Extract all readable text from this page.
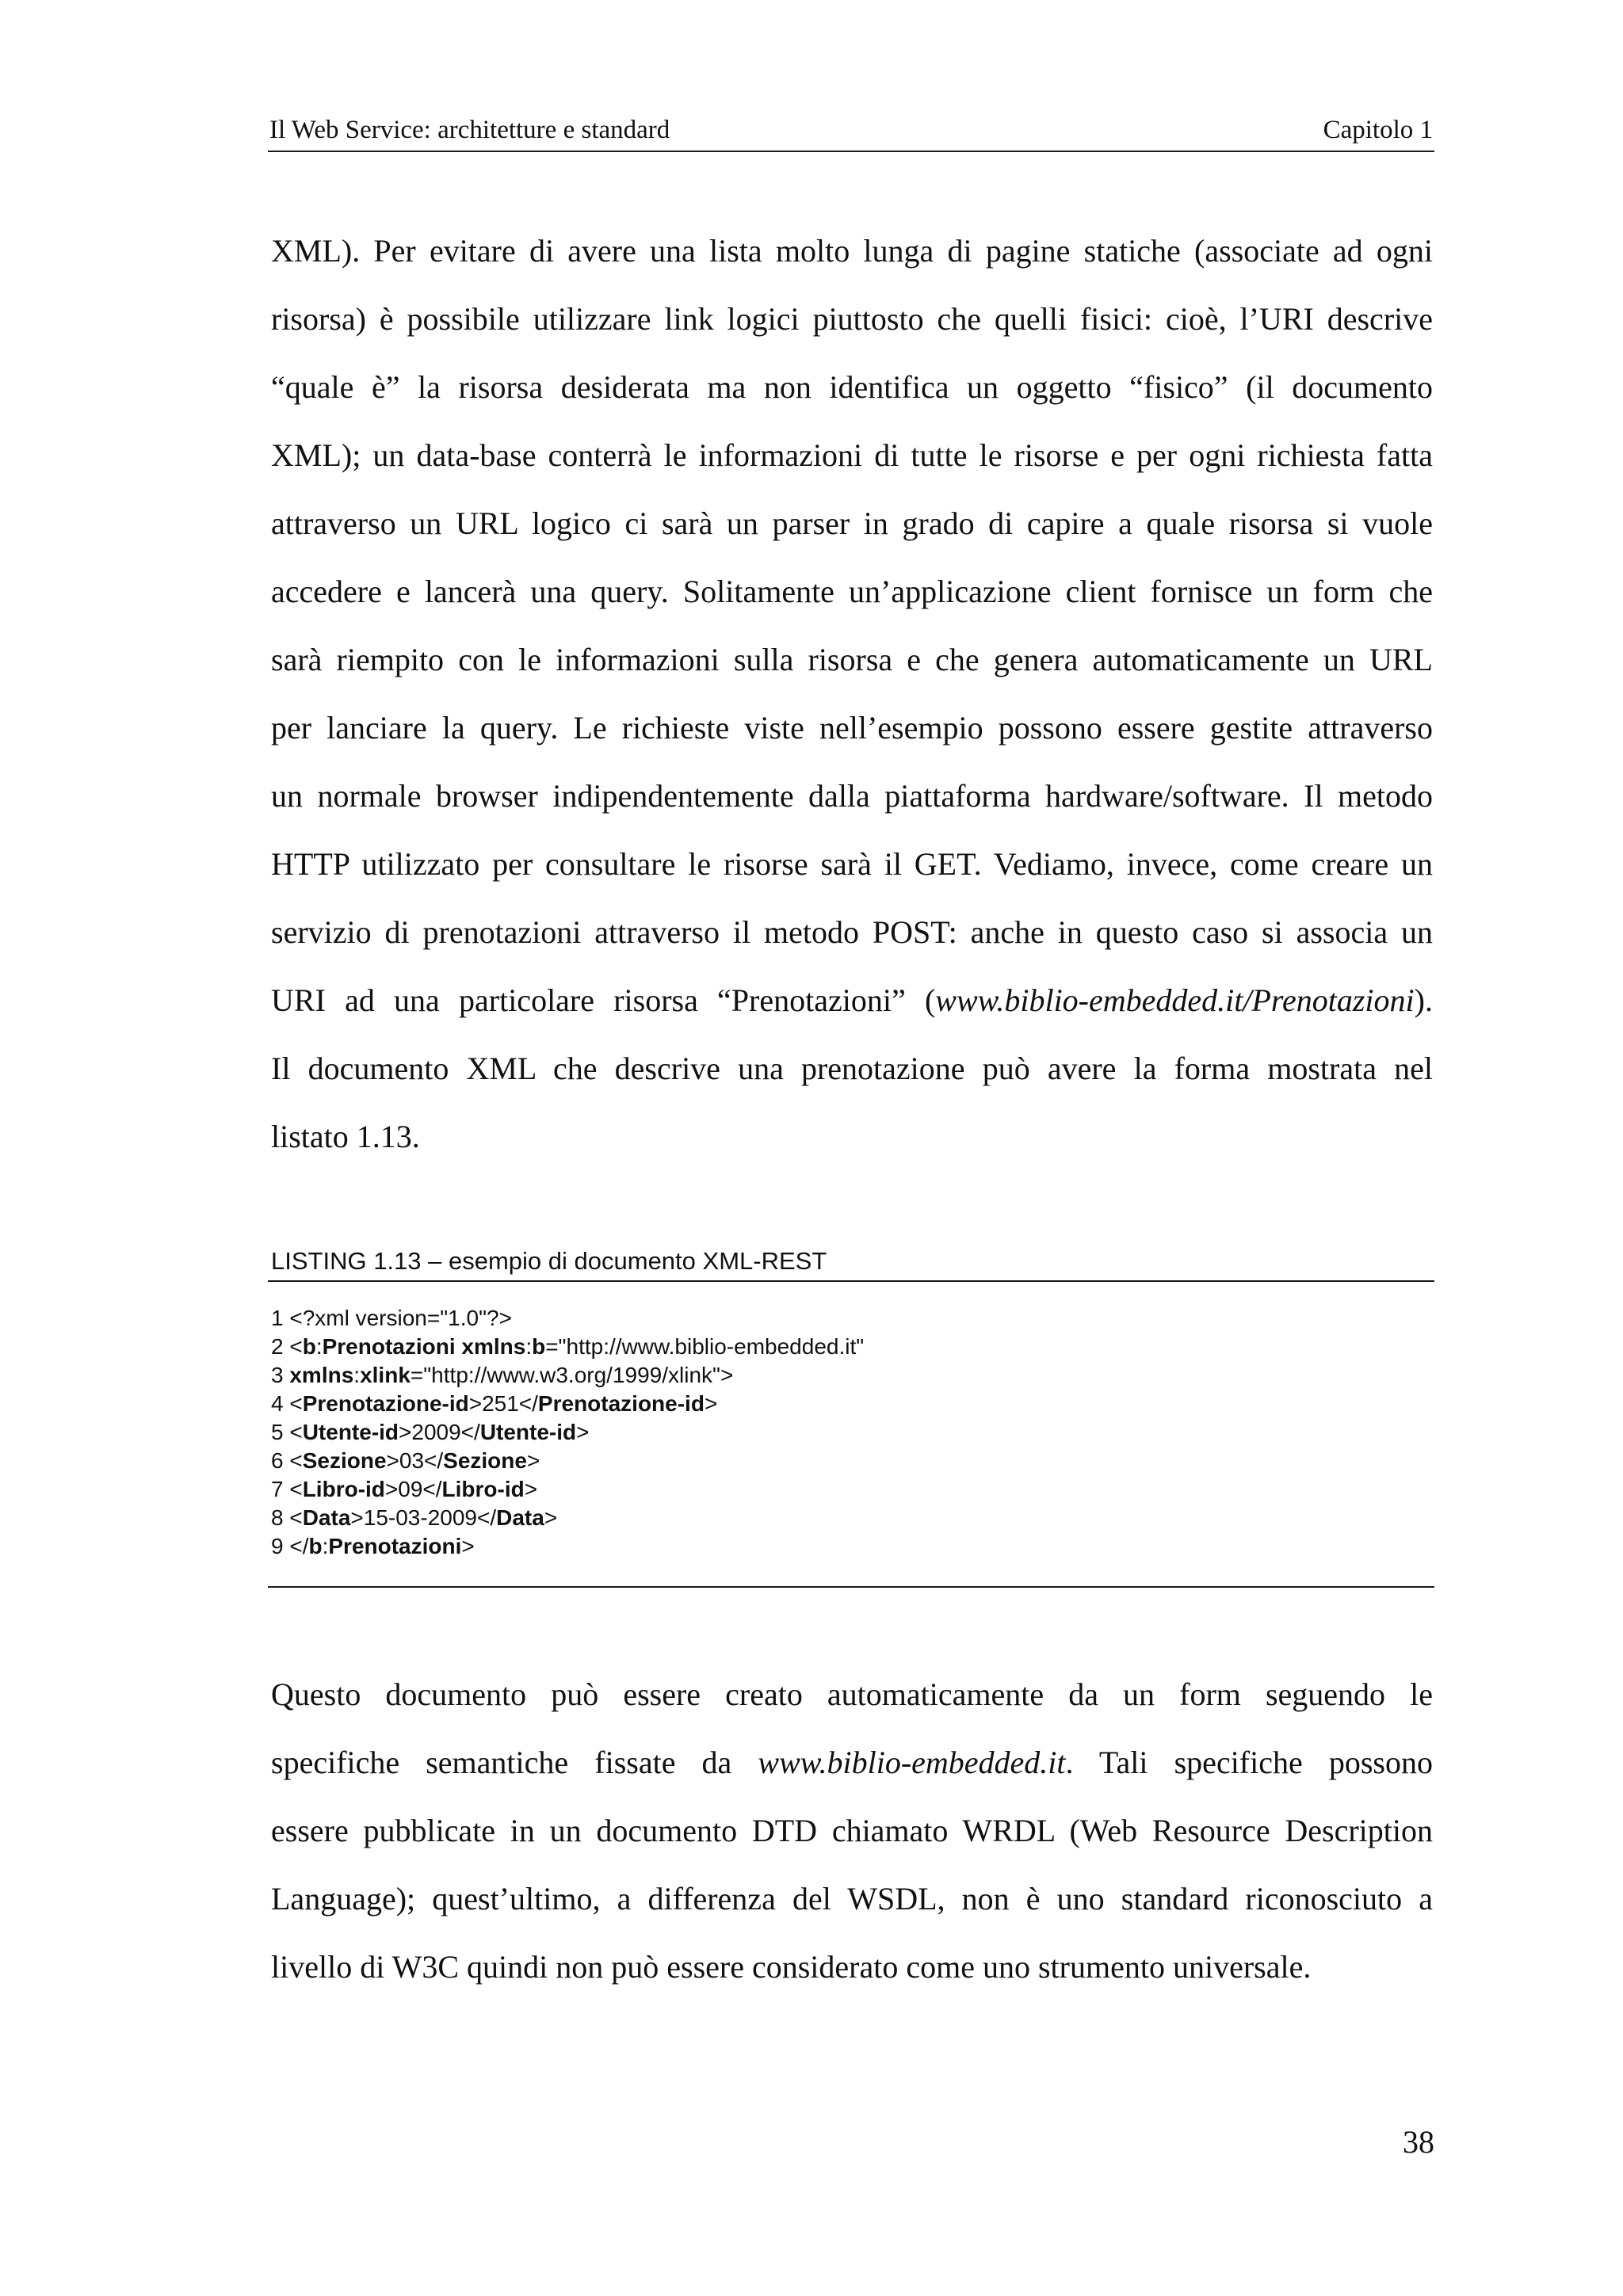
Il Web Service: architetture e standard	Capitolo 1
XML). Per evitare di avere una lista molto lunga di pagine statiche (associate ad ogni
risorsa) è possibile utilizzare link logici piuttosto che quelli fisici: cioè, l’URI descrive
“quale è” la risorsa desiderata ma non identifica un oggetto “fisico” (il documento
XML); un data-base conterrà le informazioni di tutte le risorse e per ogni richiesta fatta
attraverso un URL logico ci sarà un parser in grado di capire a quale risorsa si vuole
accedere e lancerà una query. Solitamente un’applicazione client fornisce un form che
sarà riempito con le informazioni sulla risorsa e che genera automaticamente un URL
per lanciare la query. Le richieste viste nell’esempio possono essere gestite attraverso
un normale browser indipendentemente dalla piattaforma hardware/software. Il metodo
HTTP utilizzato per consultare le risorse sarà il GET. Vediamo, invece, come creare un
servizio di prenotazioni attraverso il metodo POST: anche in questo caso si associa un
URI ad una particolare risorsa “Prenotazioni” (www.biblio-embedded.it/Prenotazioni).
Il documento XML che descrive una prenotazione può avere la forma mostrata nel
listato 1.13.
LISTING 1.13 – esempio di documento XML-REST
1 <?xml version="1.0"?>
2 <b:Prenotazioni xmlns:b="http://www.biblio-embedded.it"
3 xmlns:xlink="http://www.w3.org/1999/xlink">
4 <Prenotazione-id>251</Prenotazione-id>
5 <Utente-id>2009</Utente-id>
6 <Sezione>03</Sezione>
7 <Libro-id>09</Libro-id>
8 <Data>15-03-2009</Data>
9 </b:Prenotazioni>
Questo documento può essere creato automaticamente da un form seguendo le
specifiche semantiche fissate da www.biblio-embedded.it. Tali specifiche possono
essere pubblicate in un documento DTD chiamato WRDL (Web Resource Description
Language); quest’ultimo, a differenza del WSDL, non è uno standard riconosciuto a
livello di W3C quindi non può essere considerato come uno strumento universale.
38
